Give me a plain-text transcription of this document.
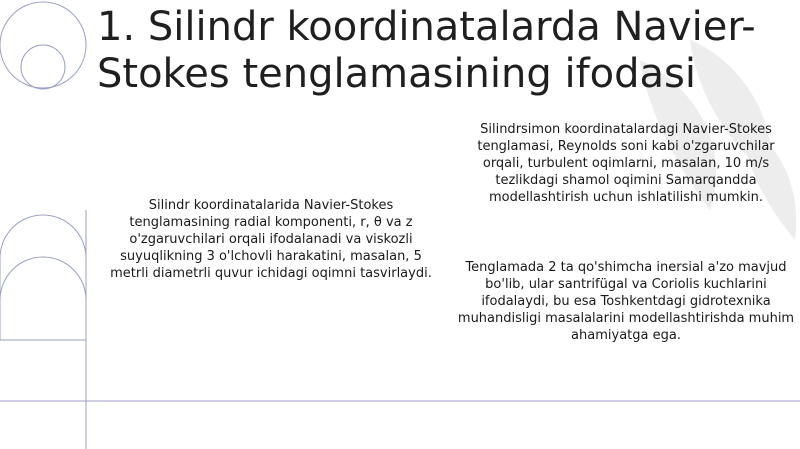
1. Silindr koordinatalarda Navier-Stokes tenglamasining ifodasi

Silindr koordinatalarida Navier-Stokes tenglamasining radial komponenti, r, θ va z o'zgaruvchilari orqali ifodalanadi va viskozli suyuqlikning 3 o'lchovli harakatini, masalan, 5 metrli diametrli quvur ichidagi oqimni tasvirlaydi.

Silindrsimon koordinatalardagi Navier-Stokes tenglamasi, Reynolds soni kabi o'zgaruvchilar orqali, turbulent oqimlarni, masalan, 10 m/s tezlikdagi shamol oqimini Samarqandda modellashtirish uchun ishlatilishi mumkin.

Tenglamada 2 ta qo'shimcha inersial a'zo mavjud bo'lib, ular santrifügal va Coriolis kuchlarini ifodalaydi, bu esa Toshkentdagi gidrotexnika muhandisligi masalalarini modellashtirishda muhim ahamiyatga ega.
